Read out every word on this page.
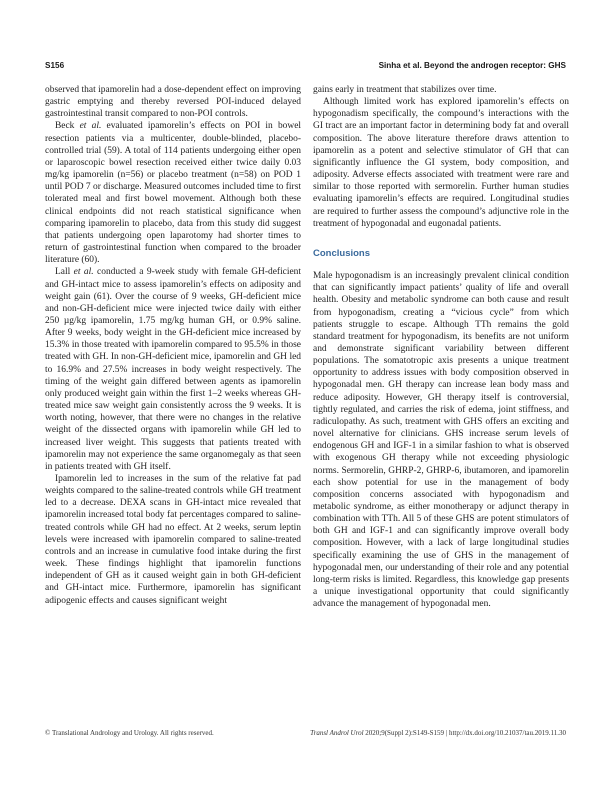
S156	Sinha et al. Beyond the androgen receptor: GHS

observed that ipamorelin had a dose-dependent effect on improving gastric emptying and thereby reversed POI-induced delayed gastrointestinal transit compared to non-POI controls.

Beck et al. evaluated ipamorelin’s effects on POI in bowel resection patients via a multicenter, double-blinded, placebo-controlled trial (59). A total of 114 patients undergoing either open or laparoscopic bowel resection received either twice daily 0.03 mg/kg ipamorelin (n=56) or placebo treatment (n=58) on POD 1 until POD 7 or discharge. Measured outcomes included time to first tolerated meal and first bowel movement. Although both these clinical endpoints did not reach statistical significance when comparing ipamorelin to placebo, data from this study did suggest that patients undergoing open laparotomy had shorter times to return of gastrointestinal function when compared to the broader literature (60).

Lall et al. conducted a 9-week study with female GH-deficient and GH-intact mice to assess ipamorelin’s effects on adiposity and weight gain (61). Over the course of 9 weeks, GH-deficient mice and non-GH-deficient mice were injected twice daily with either 250 µg/kg ipamorelin, 1.75 mg/kg human GH, or 0.9% saline. After 9 weeks, body weight in the GH-deficient mice increased by 15.3% in those treated with ipamorelin compared to 95.5% in those treated with GH. In non-GH-deficient mice, ipamorelin and GH led to 16.9% and 27.5% increases in body weight respectively. The timing of the weight gain differed between agents as ipamorelin only produced weight gain within the first 1–2 weeks whereas GH-treated mice saw weight gain consistently across the 9 weeks. It is worth noting, however, that there were no changes in the relative weight of the dissected organs with ipamorelin while GH led to increased liver weight. This suggests that patients treated with ipamorelin may not experience the same organomegaly as that seen in patients treated with GH itself.

Ipamorelin led to increases in the sum of the relative fat pad weights compared to the saline-treated controls while GH treatment led to a decrease. DEXA scans in GH-intact mice revealed that ipamorelin increased total body fat percentages compared to saline-treated controls while GH had no effect. At 2 weeks, serum leptin levels were increased with ipamorelin compared to saline-treated controls and an increase in cumulative food intake during the first week. These findings highlight that ipamorelin functions independent of GH as it caused weight gain in both GH-deficient and GH-intact mice. Furthermore, ipamorelin has significant adipogenic effects and causes significant weight

gains early in treatment that stabilizes over time.

Although limited work has explored ipamorelin’s effects on hypogonadism specifically, the compound’s interactions with the GI tract are an important factor in determining body fat and overall composition. The above literature therefore draws attention to ipamorelin as a potent and selective stimulator of GH that can significantly influence the GI system, body composition, and adiposity. Adverse effects associated with treatment were rare and similar to those reported with sermorelin. Further human studies evaluating ipamorelin’s effects are required. Longitudinal studies are required to further assess the compound’s adjunctive role in the treatment of hypogonadal and eugonadal patients.

Conclusions

Male hypogonadism is an increasingly prevalent clinical condition that can significantly impact patients’ quality of life and overall health. Obesity and metabolic syndrome can both cause and result from hypogonadism, creating a “vicious cycle” from which patients struggle to escape. Although TTh remains the gold standard treatment for hypogonadism, its benefits are not uniform and demonstrate significant variability between different populations. The somatotropic axis presents a unique treatment opportunity to address issues with body composition observed in hypogonadal men. GH therapy can increase lean body mass and reduce adiposity. However, GH therapy itself is controversial, tightly regulated, and carries the risk of edema, joint stiffness, and radiculopathy. As such, treatment with GHS offers an exciting and novel alternative for clinicians. GHS increase serum levels of endogenous GH and IGF-1 in a similar fashion to what is observed with exogenous GH therapy while not exceeding physiologic norms. Sermorelin, GHRP-2, GHRP-6, ibutamoren, and ipamorelin each show potential for use in the management of body composition concerns associated with hypogonadism and metabolic syndrome, as either monotherapy or adjunct therapy in combination with TTh. All 5 of these GHS are potent stimulators of both GH and IGF-1 and can significantly improve overall body composition. However, with a lack of large longitudinal studies specifically examining the use of GHS in the management of hypogonadal men, our understanding of their role and any potential long-term risks is limited. Regardless, this knowledge gap presents a unique investigational opportunity that could significantly advance the management of hypogonadal men.

© Translational Andrology and Urology. All rights reserved.	Transl Androl Urol 2020;9(Suppl 2):S149-S159 | http://dx.doi.org/10.21037/tau.2019.11.30
